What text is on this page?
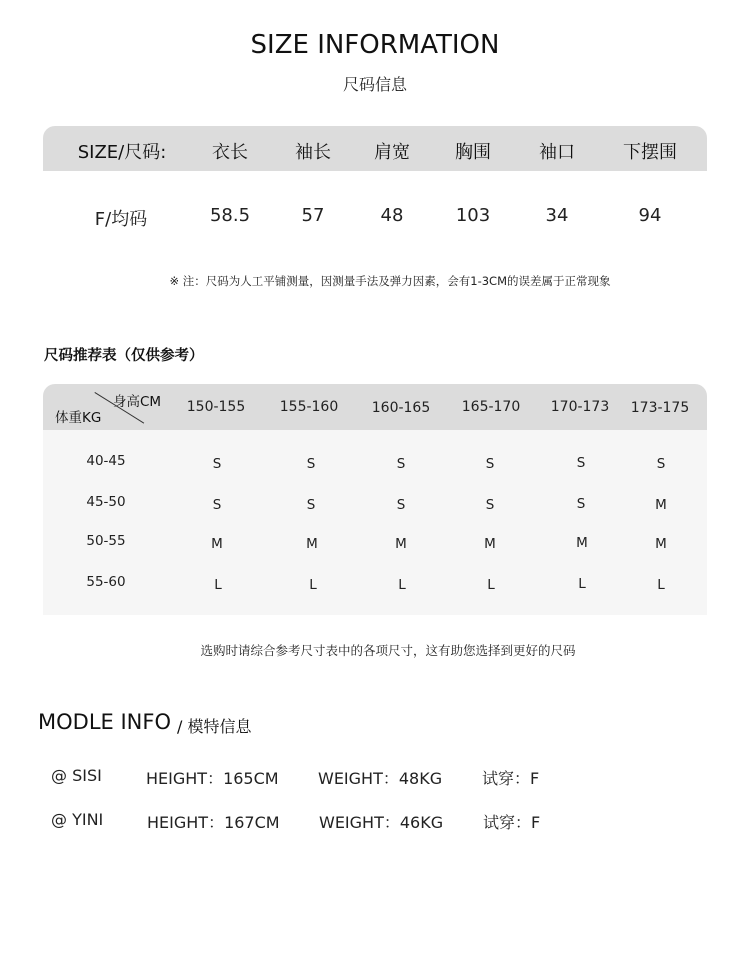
SIZE INFORMATION
尺码信息
SIZE/尺码:	衣长	袖长 肩宽	胸围	袖口	下摆围
F/均码	58.5	57	48	103	34	94
※ 注：尺码为人工平铺测量，因测量手法及弹力因素，会有1-3CM的误差属于正常现象
尺码推荐表（仅供参考）
身高CM
体重KG
150-155 155-160 160-165 165-170 170-173 173-175
40-45	S	S	S	S	S	S
45-50	S	S	S	S	S	M
50-55	M	M	M	M	M	M
55-60	L	L	L	L	L	L
选购时请综合参考尺寸表中的各项尺寸，这有助您选择到更好的尺码
MODLE INFO / 模特信息
@ SISI	HEIGHT：165CM WEIGHT：48KG 试穿：F
@ YINI	HEIGHT：167CM WEIGHT：46KG 试穿：F
